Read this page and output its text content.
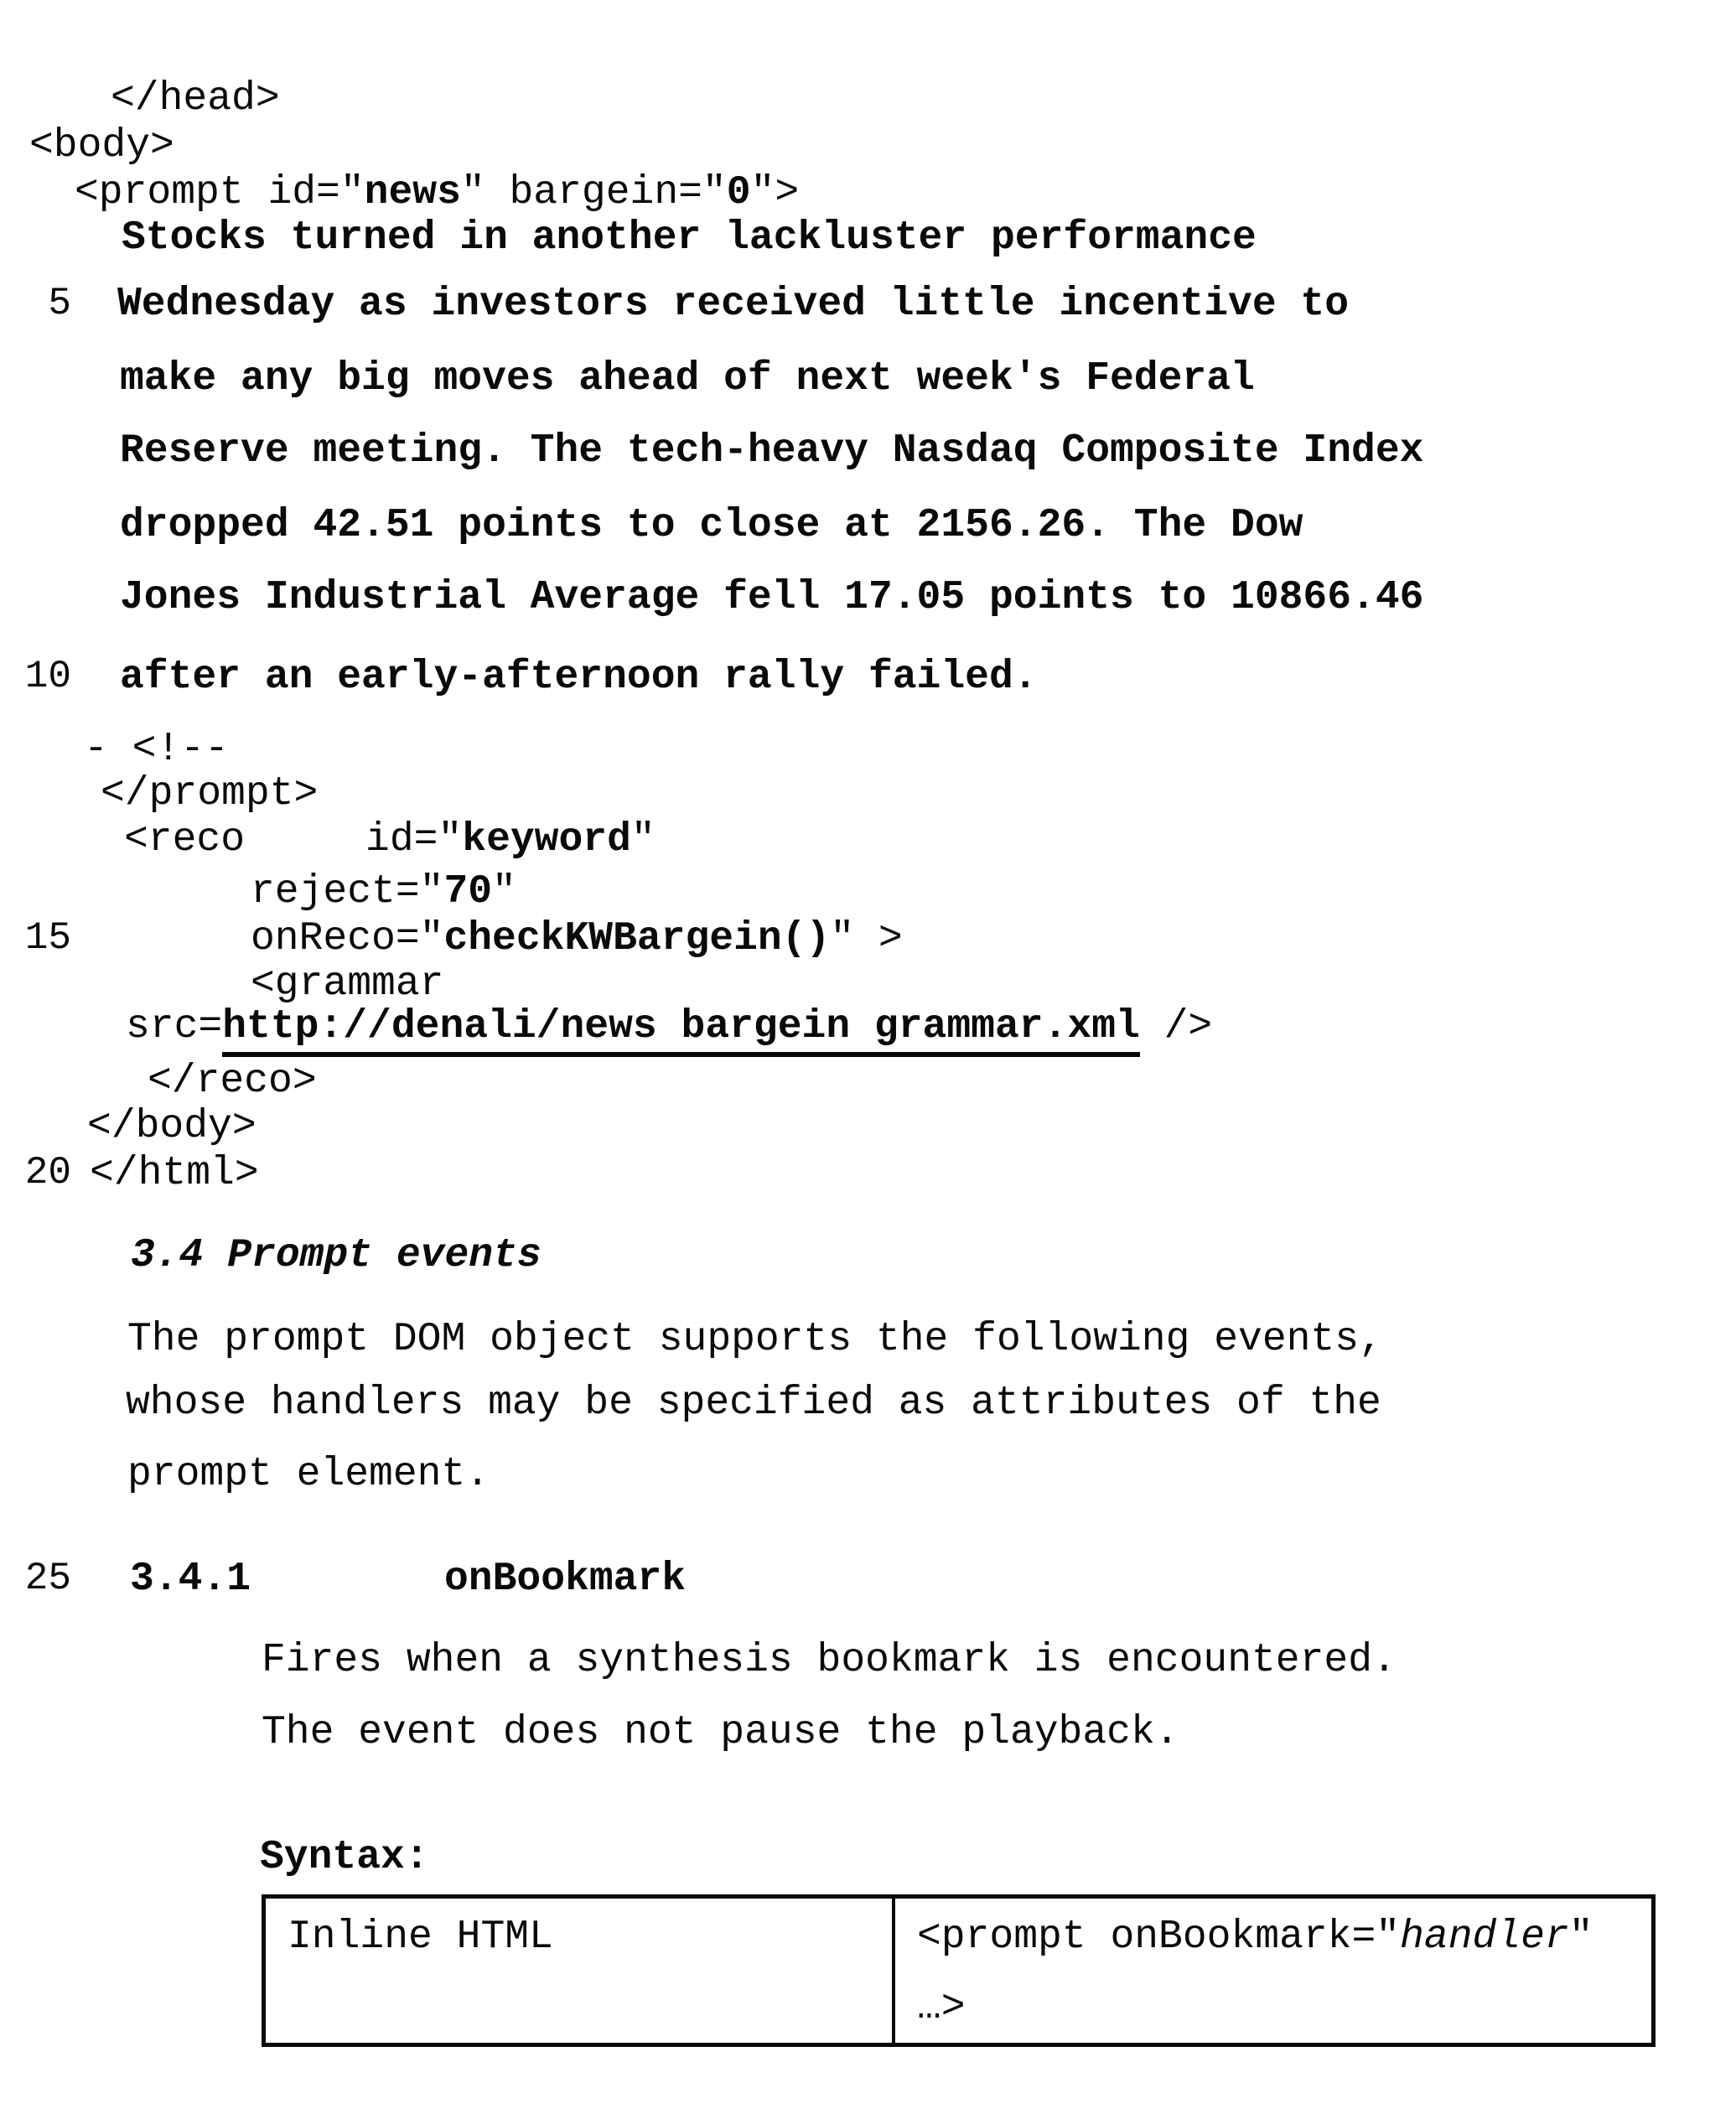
</head>
<body>
<prompt id="news" bargein="0">
Stocks turned in another lackluster performance
5 Wednesday as investors received little incentive to
make any big moves ahead of next week's Federal
Reserve meeting. The tech-heavy Nasdaq Composite Index
dropped 42.51 points to close at 2156.26. The Dow
Jones Industrial Average fell 17.05 points to 10866.46
10 after an early-afternoon rally failed.
- <!--
</prompt>
<reco     id="keyword"
reject="70"
15	onReco="checkKWBargein()" >
<grammar
src=http://denali/news bargein grammar.xml />
</reco>
</body>
20 </html>
3.4 Prompt events
The prompt DOM object supports the following events,
whose handlers may be specified as attributes of the
prompt element.
25 3.4.1	onBookmark
Fires when a synthesis bookmark is encountered.
The event does not pause the playback.
Syntax:
Inline HTML	<prompt onBookmark="handler"
…>
